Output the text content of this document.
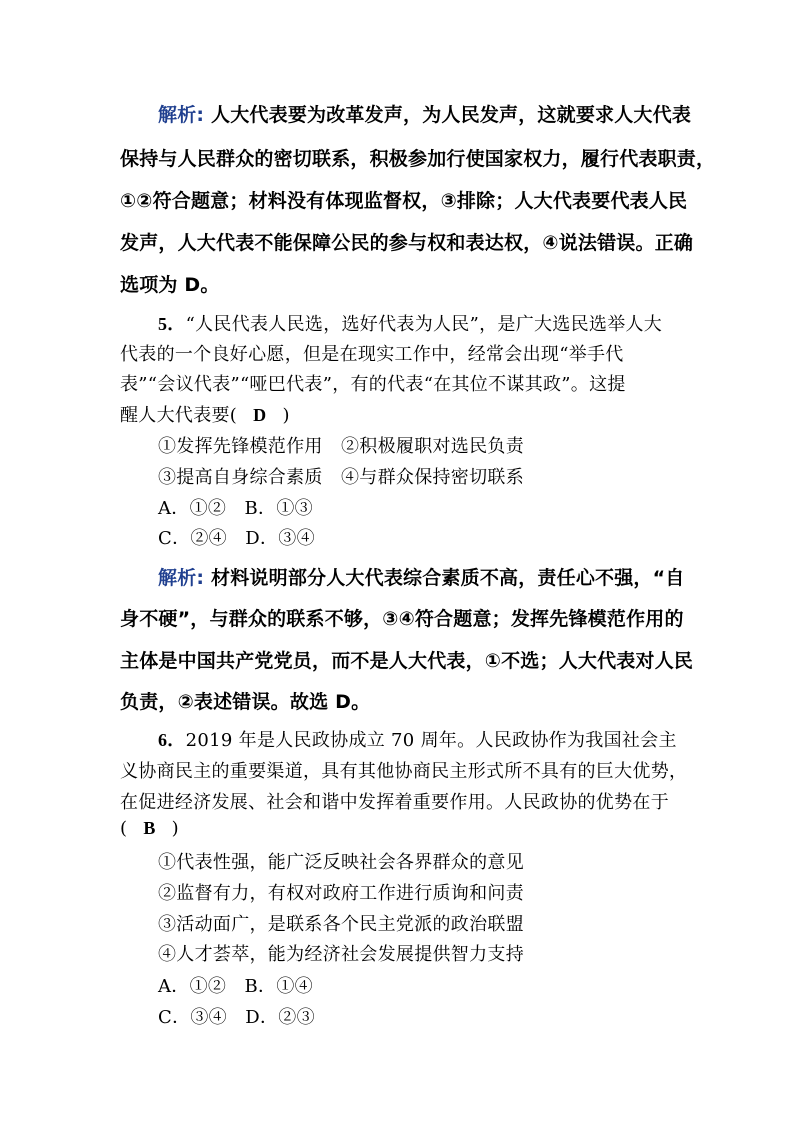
解析: 人大代表要为改革发声，为人民发声，这就要求人大代表
保持与人民群众的密切联系，积极参加行使国家权力，履行代表职责，
①②符合题意；材料没有体现监督权，③排除；人大代表要代表人民
发声，人大代表不能保障公民的参与权和表达权，④说法错误。正确
选项为 D。
5．“人民代表人民选，选好代表为人民”，是广大选民选举人大
代表的一个良好心愿，但是在现实工作中，经常会出现“举手代
表”“会议代表”“哑巴代表”，有的代表“在其位不谋其政”。这提
醒人大代表要( D )
①发挥先锋模范作用　②积极履职对选民负责
③提高自身综合素质　④与群众保持密切联系
A．①②　B．①③
C．②④　D．③④
解析: 材料说明部分人大代表综合素质不高，责任心不强，“自
身不硬”，与群众的联系不够，③④符合题意；发挥先锋模范作用的
主体是中国共产党党员，而不是人大代表，①不选；人大代表对人民
负责，②表述错误。故选 D。
6．2019 年是人民政协成立 70 周年。人民政协作为我国社会主
义协商民主的重要渠道，具有其他协商民主形式所不具有的巨大优势，
在促进经济发展、社会和谐中发挥着重要作用。人民政协的优势在于
( B )
①代表性强，能广泛反映社会各界群众的意见
②监督有力，有权对政府工作进行质询和问责
③活动面广，是联系各个民主党派的政治联盟
④人才荟萃，能为经济社会发展提供智力支持
A．①②　B．①④
C．③④　D．②③
